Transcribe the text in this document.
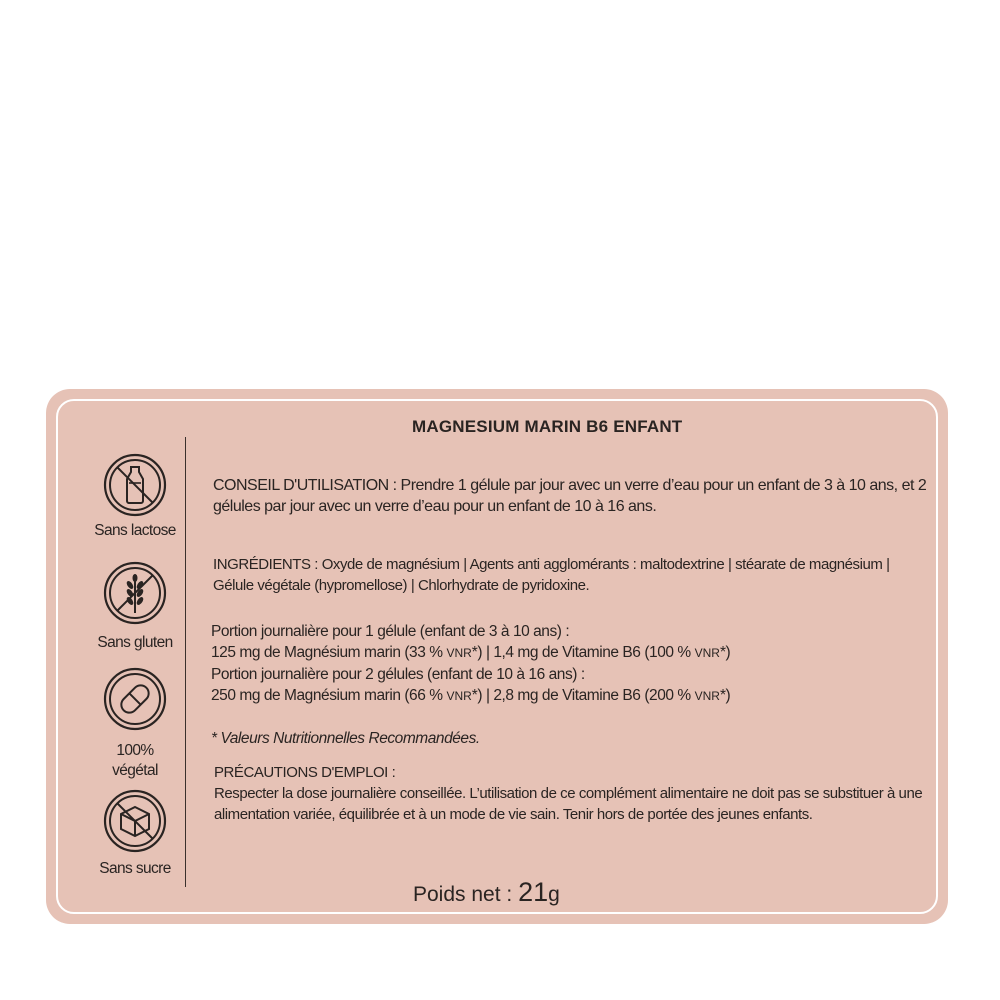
Sans lactose
Sans gluten
100%
végétal
Sans sucre
MAGNESIUM MARIN B6 ENFANT
CONSEIL D'UTILISATION : Prendre 1 gélule par jour avec un verre d’eau pour un enfant de 3 à 10 ans, et 2 gélules par jour avec un verre d’eau pour un enfant de 10 à 16 ans.
INGRÉDIENTS : Oxyde de magnésium | Agents anti agglomérants : maltodextrine | stéarate de magnésium | Gélule végétale (hypromellose) | Chlorhydrate de pyridoxine.
Portion journalière pour 1 gélule (enfant de 3 à 10 ans) :
125 mg de Magnésium marin (33 % VNR*) | 1,4 mg de Vitamine B6 (100 % VNR*)
Portion journalière pour 2 gélules (enfant de 10 à 16 ans) :
250 mg de Magnésium marin (66 % VNR*) | 2,8 mg de Vitamine B6 (200 % VNR*)
* Valeurs Nutritionnelles Recommandées.
PRÉCAUTIONS D'EMPLOI :
Respecter la dose journalière conseillée. L’utilisation de ce complément alimentaire ne doit pas se substituer à une alimentation variée, équilibrée et à un mode de vie sain. Tenir hors de portée des jeunes enfants.
Poids net : 21g
